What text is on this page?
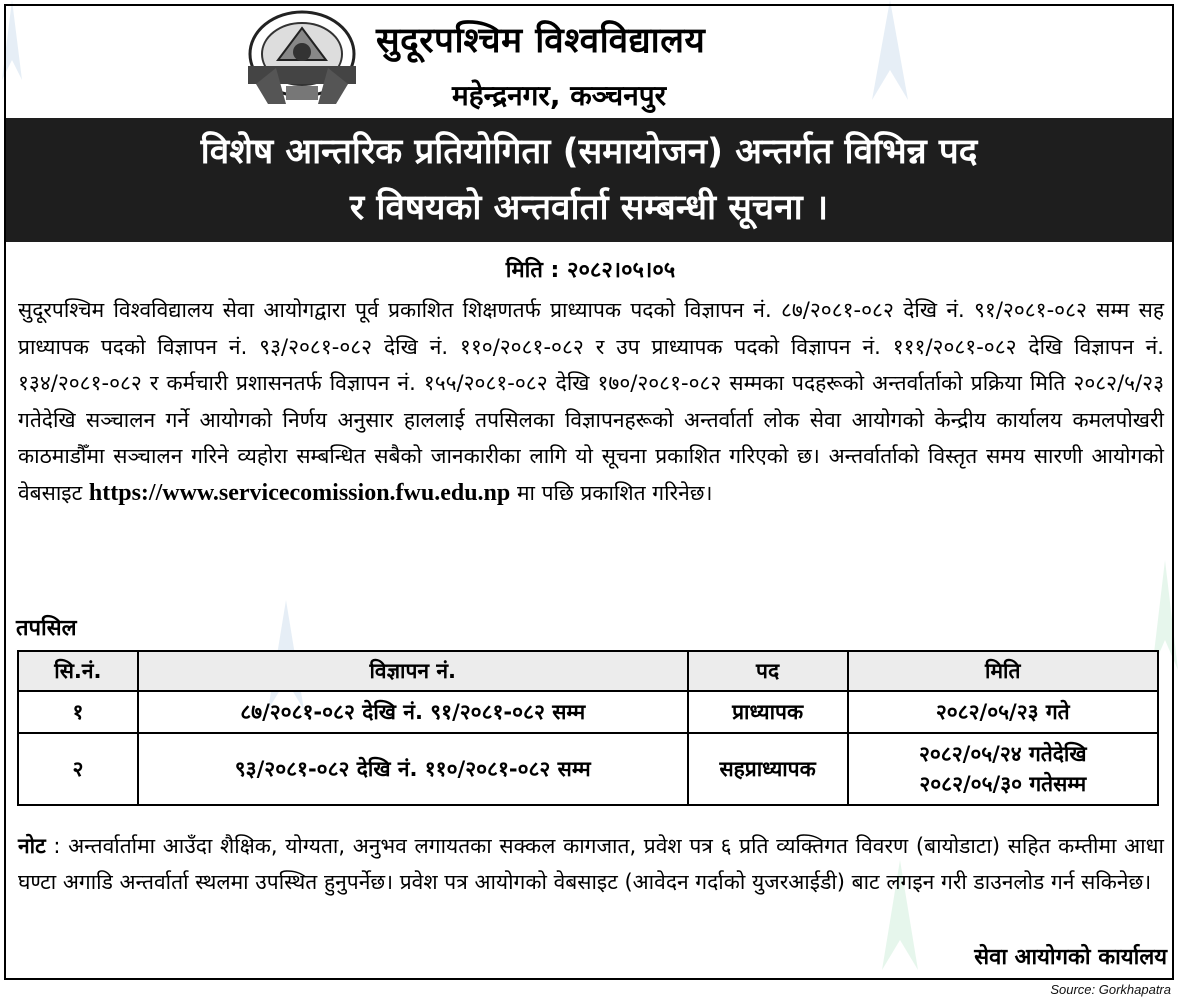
सुदूरपश्चिम विश्वविद्यालय
महेन्द्रनगर, कञ्चनपुर
विशेष आन्तरिक प्रतियोगिता (समायोजन) अन्तर्गत विभिन्न पद
र विषयको अन्तर्वार्ता सम्बन्धी सूचना ।
मिति : २०८२।०५।०५
सुदूरपश्चिम विश्वविद्यालय सेवा आयोगद्वारा पूर्व प्रकाशित शिक्षणतर्फ प्राध्यापक पदको विज्ञापन नं. ८७/२०८१-०८२ देखि नं. ९१/२०८१-०८२ सम्म सह प्राध्यापक पदको विज्ञापन नं. ९३/२०८१-०८२ देखि नं. ११०/२०८१-०८२ र उप प्राध्यापक पदको विज्ञापन नं. १११/२०८१-०८२ देखि विज्ञापन नं. १३४/२०८१-०८२ र कर्मचारी प्रशासनतर्फ विज्ञापन नं. १५५/२०८१-०८२ देखि १७०/२०८१-०८२ सम्मका पदहरूको अन्तर्वार्ताको प्रक्रिया मिति २०८२/५/२३ गतेदेखि सञ्चालन गर्ने आयोगको निर्णय अनुसार हाललाई तपसिलका विज्ञापनहरूको अन्तर्वार्ता लोक सेवा आयोगको केन्द्रीय कार्यालय कमलपोखरी काठमाडौँमा सञ्चालन गरिने व्यहोरा सम्बन्धित सबैको जानकारीका लागि यो सूचना प्रकाशित गरिएको छ। अन्तर्वार्ताको विस्तृत समय सारणी आयोगको वेबसाइट https://www.servicecomission.fwu.edu.np मा पछि प्रकाशित गरिनेछ।
तपसिल
सि.नं.	विज्ञापन नं.	पद	मिति
१	८७/२०८१-०८२ देखि नं. ९१/२०८१-०८२ सम्म	प्राध्यापक	२०८२/०५/२३ गते
२	९३/२०८१-०८२ देखि नं. ११०/२०८१-०८२ सम्म	सहप्राध्यापक	२०८२/०५/२४ गतेदेखि
२०८२/०५/३० गतेसम्म
नोट : अन्तर्वार्तामा आउँदा शैक्षिक, योग्यता, अनुभव लगायतका सक्कल कागजात, प्रवेश पत्र ६ प्रति व्यक्तिगत विवरण (बायोडाटा) सहित कम्तीमा आधा घण्टा अगाडि अन्तर्वार्ता स्थलमा उपस्थित हुनुपर्नेछ। प्रवेश पत्र आयोगको वेबसाइट (आवेदन गर्दाको युजरआईडी) बाट लगइन गरी डाउनलोड गर्न सकिनेछ।
सेवा आयोगको कार्यालय
Source: Gorkhapatra
